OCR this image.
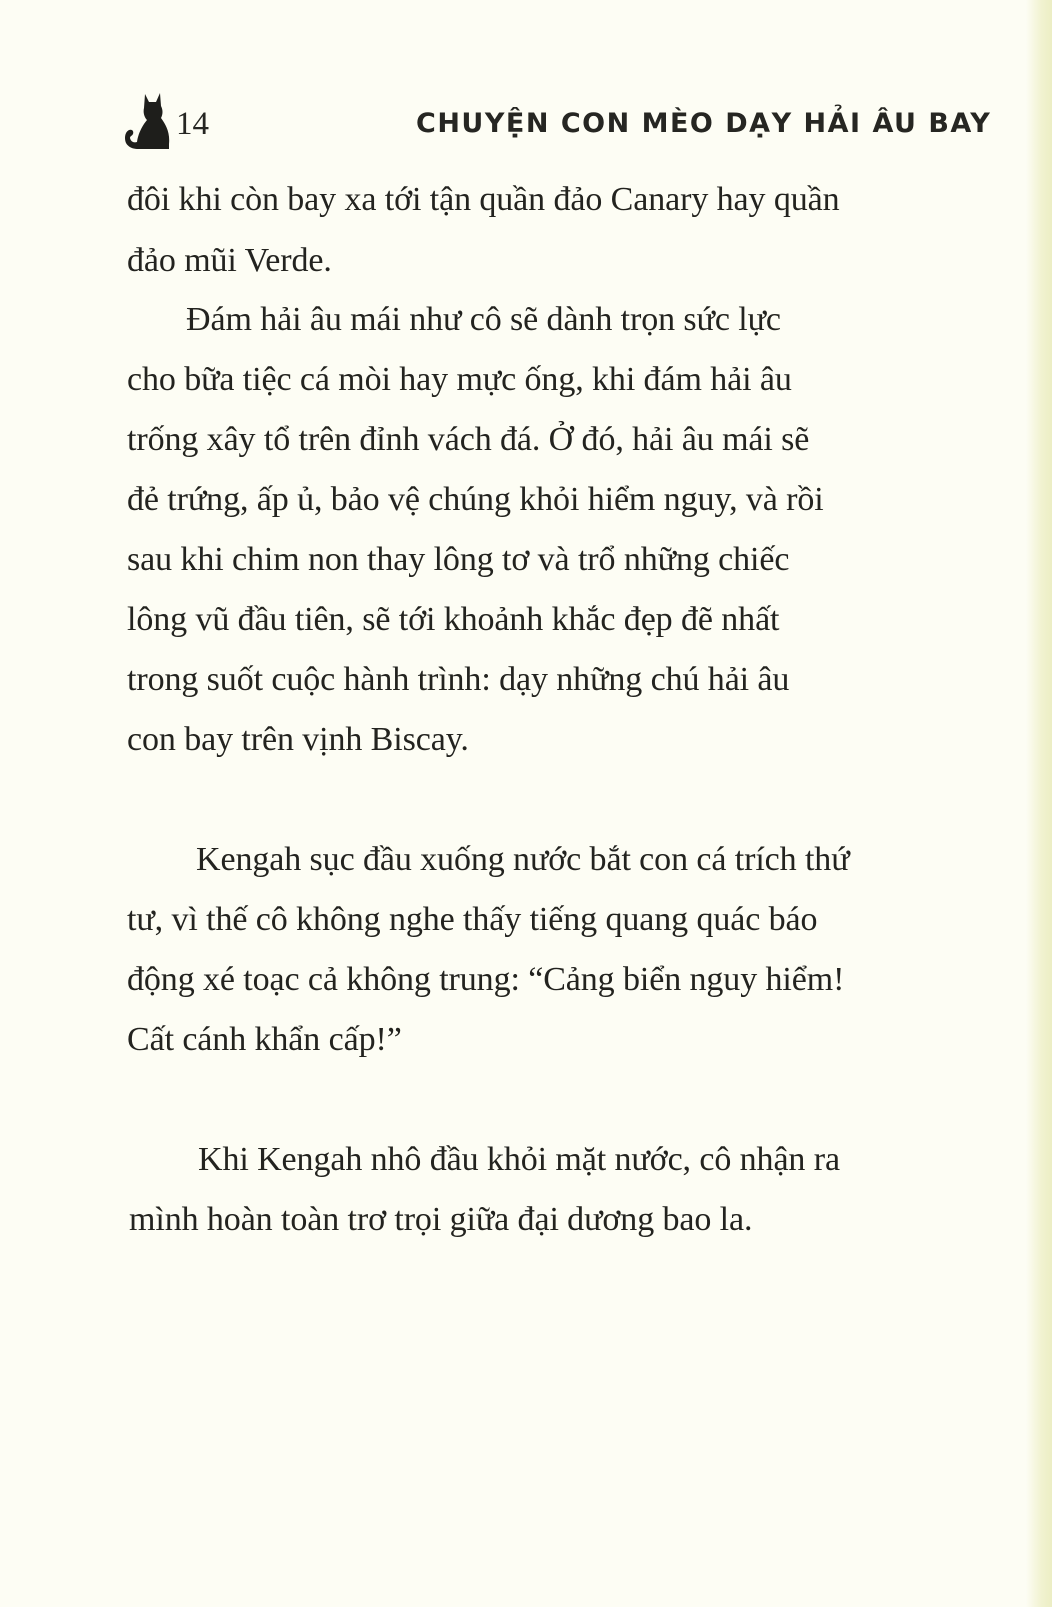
14	CHUYỆN CON MÈO DẠY HẢI ÂU BAY
đôi khi còn bay xa tới tận quần đảo Canary hay quần
đảo mũi Verde.
Đám hải âu mái như cô sẽ dành trọn sức lực
cho bữa tiệc cá mòi hay mực ống, khi đám hải âu
trống xây tổ trên đỉnh vách đá. Ở đó, hải âu mái sẽ
đẻ trứng, ấp ủ, bảo vệ chúng khỏi hiểm nguy, và rồi
sau khi chim non thay lông tơ và trổ những chiếc
lông vũ đầu tiên, sẽ tới khoảnh khắc đẹp đẽ nhất
trong suốt cuộc hành trình: dạy những chú hải âu
con bay trên vịnh Biscay.
Kengah sục đầu xuống nước bắt con cá trích thứ
tư, vì thế cô không nghe thấy tiếng quang quác báo
động xé toạc cả không trung: “Cảng biển nguy hiểm!
Cất cánh khẩn cấp!”
Khi Kengah nhô đầu khỏi mặt nước, cô nhận ra
mình hoàn toàn trơ trọi giữa đại dương bao la.
